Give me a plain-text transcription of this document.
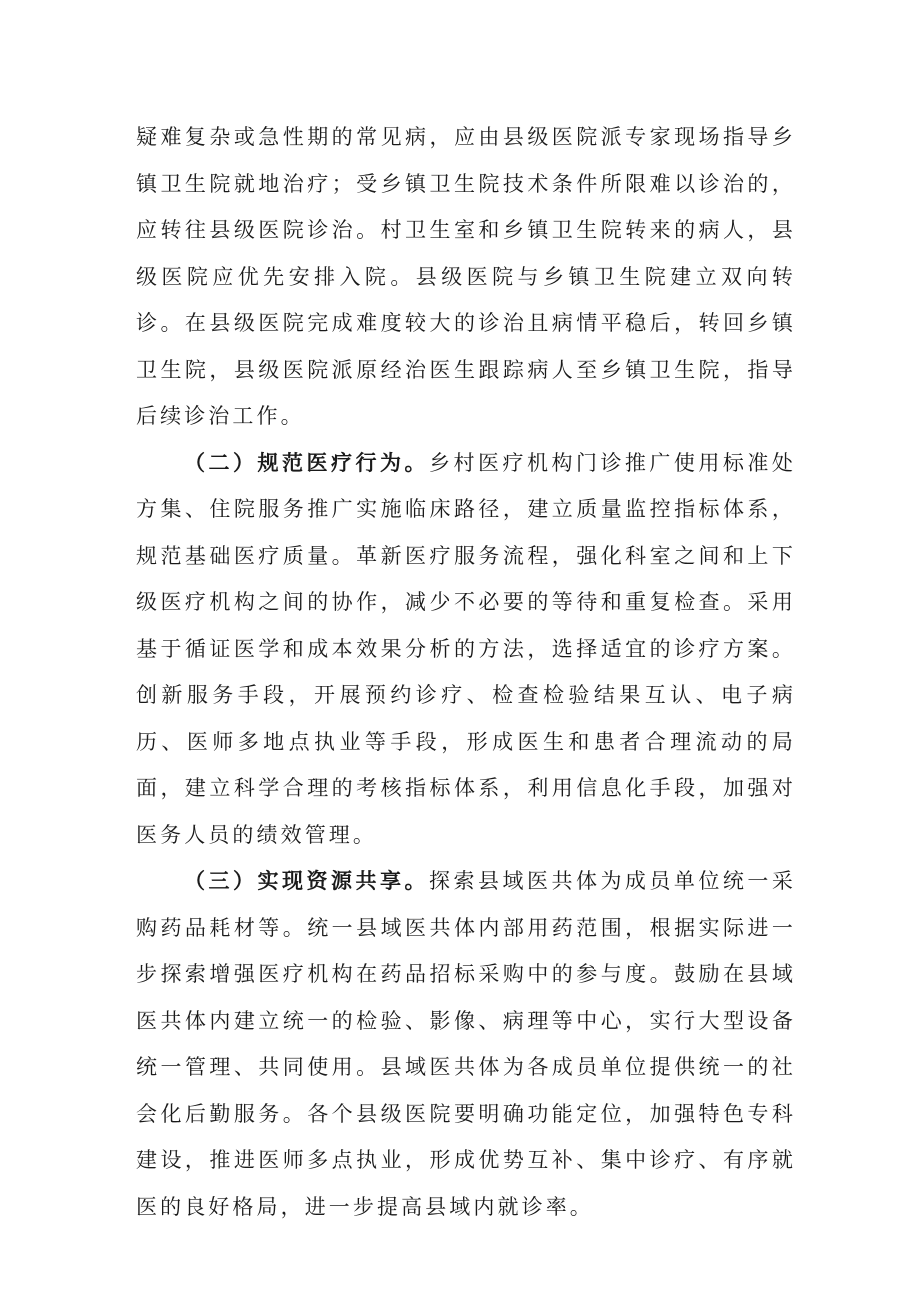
疑难复杂或急性期的常见病，应由县级医院派专家现场指导乡镇卫生院就地治疗；受乡镇卫生院技术条件所限难以诊治的，应转往县级医院诊治。村卫生室和乡镇卫生院转来的病人，县级医院应优先安排入院。县级医院与乡镇卫生院建立双向转诊。在县级医院完成难度较大的诊治且病情平稳后，转回乡镇卫生院，县级医院派原经治医生跟踪病人至乡镇卫生院，指导后续诊治工作。

（二）规范医疗行为。乡村医疗机构门诊推广使用标准处方集、住院服务推广实施临床路径，建立质量监控指标体系，规范基础医疗质量。革新医疗服务流程，强化科室之间和上下级医疗机构之间的协作，减少不必要的等待和重复检查。采用基于循证医学和成本效果分析的方法，选择适宜的诊疗方案。创新服务手段，开展预约诊疗、检查检验结果互认、电子病历、医师多地点执业等手段，形成医生和患者合理流动的局面，建立科学合理的考核指标体系，利用信息化手段，加强对医务人员的绩效管理。

（三）实现资源共享。探索县域医共体为成员单位统一采购药品耗材等。统一县域医共体内部用药范围，根据实际进一步探索增强医疗机构在药品招标采购中的参与度。鼓励在县域医共体内建立统一的检验、影像、病理等中心，实行大型设备统一管理、共同使用。县域医共体为各成员单位提供统一的社会化后勤服务。各个县级医院要明确功能定位，加强特色专科建设，推进医师多点执业，形成优势互补、集中诊疗、有序就医的良好格局，进一步提高县域内就诊率。
